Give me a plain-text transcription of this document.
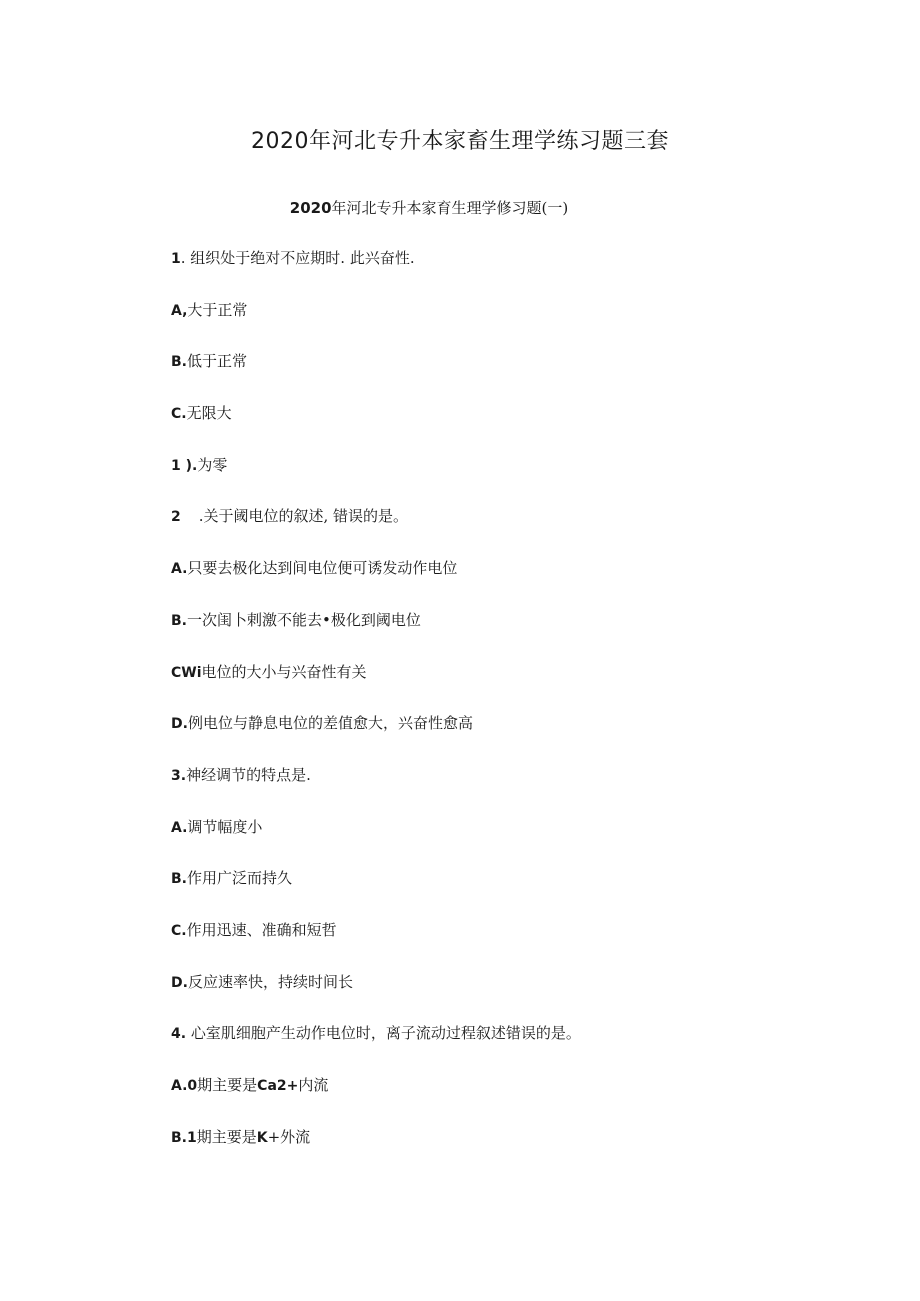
2020年河北专升本家畜生理学练习题三套
2020年河北专升本家育生理学修习题(一)
1. 组织处于绝对不应期时. 此兴奋性.
A,大于正常
B.低于正常
C.无限大
1 ).为零
2 .关于阈电位的叙述, 错误的是。
A.只要去极化达到间电位便可诱发动作电位
B.一次闺卜剌激不能去•极化到阈电位
CWi电位的大小与兴奋性有关
D.例电位与静息电位的差值愈大，兴奋性愈高
3.神经调节的特点是.
A.调节幅度小
B.作用广泛而持久
C.作用迅速、准确和短哲
D.反应速率快，持续时间长
4. 心室肌细胞产生动作电位时，离子流动过程叙述错误的是。
A.0期主要是Ca2+内流
B.1期主要是K+外流
